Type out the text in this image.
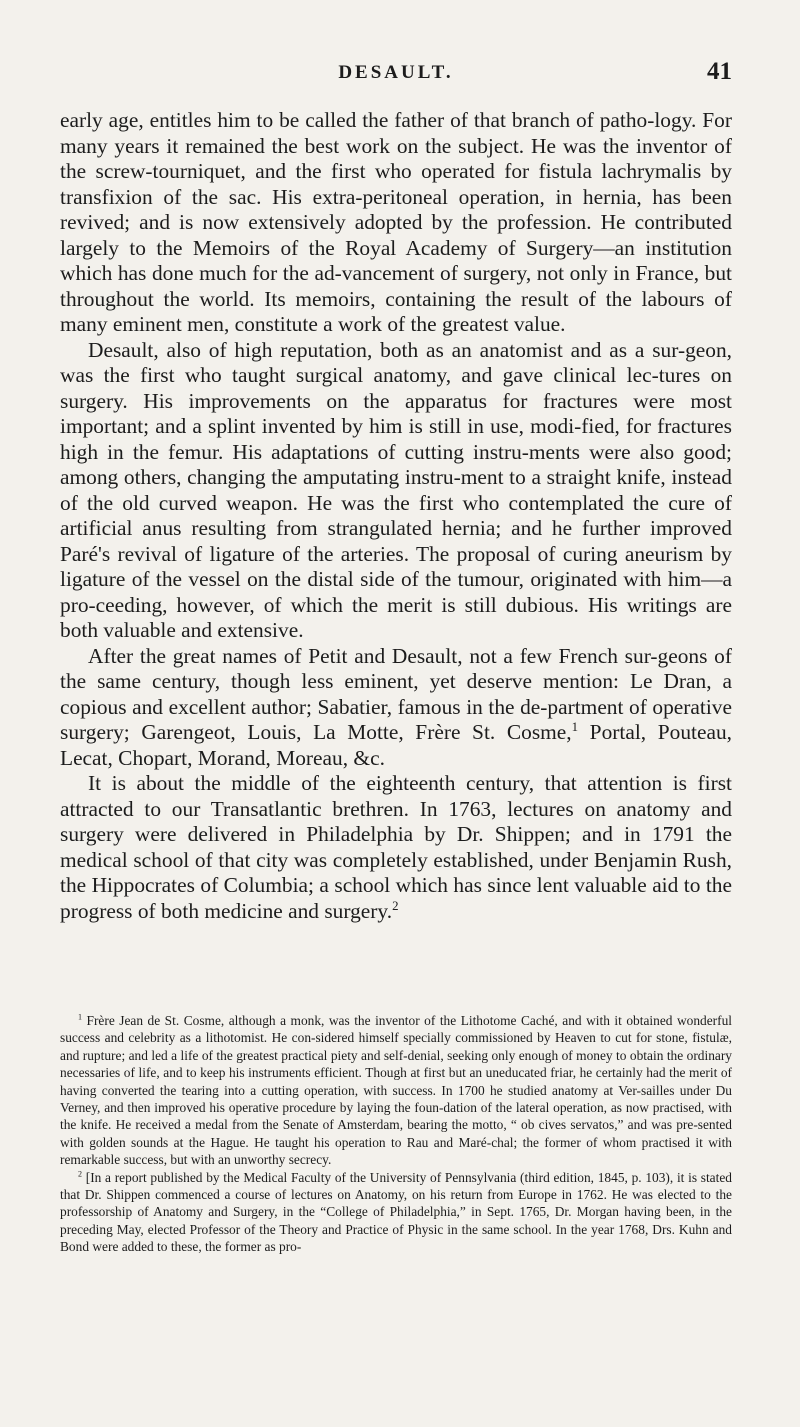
DESAULT.	41

early age, entitles him to be called the father of that branch of patho-logy. For many years it remained the best work on the subject. He was the inventor of the screw-tourniquet, and the first who operated for fistula lachrymalis by transfixion of the sac. His extra-peritoneal operation, in hernia, has been revived; and is now extensively adopted by the profession. He contributed largely to the Memoirs of the Royal Academy of Surgery—an institution which has done much for the ad-vancement of surgery, not only in France, but throughout the world. Its memoirs, containing the result of the labours of many eminent men, constitute a work of the greatest value.

Desault, also of high reputation, both as an anatomist and as a sur-geon, was the first who taught surgical anatomy, and gave clinical lec-tures on surgery. His improvements on the apparatus for fractures were most important; and a splint invented by him is still in use, modi-fied, for fractures high in the femur. His adaptations of cutting instru-ments were also good; among others, changing the amputating instru-ment to a straight knife, instead of the old curved weapon. He was the first who contemplated the cure of artificial anus resulting from strangulated hernia; and he further improved Paré's revival of ligature of the arteries. The proposal of curing aneurism by ligature of the vessel on the distal side of the tumour, originated with him—a pro-ceeding, however, of which the merit is still dubious. His writings are both valuable and extensive.

After the great names of Petit and Desault, not a few French sur-geons of the same century, though less eminent, yet deserve mention: Le Dran, a copious and excellent author; Sabatier, famous in the de-partment of operative surgery; Garengeot, Louis, La Motte, Frère St. Cosme,$^1$ Portal, Pouteau, Lecat, Chopart, Morand, Moreau, &c.

It is about the middle of the eighteenth century, that attention is first attracted to our Transatlantic brethren. In 1763, lectures on anatomy and surgery were delivered in Philadelphia by Dr. Shippen; and in 1791 the medical school of that city was completely established, under Benjamin Rush, the Hippocrates of Columbia; a school which has since lent valuable aid to the progress of both medicine and surgery.$^2$

$^1$ Frère Jean de St. Cosme, although a monk, was the inventor of the Lithotome Caché, and with it obtained wonderful success and celebrity as a lithotomist. He con-sidered himself specially commissioned by Heaven to cut for stone, fistulæ, and rupture; and led a life of the greatest practical piety and self-denial, seeking only enough of money to obtain the ordinary necessaries of life, and to keep his instruments efficient. Though at first but an uneducated friar, he certainly had the merit of having converted the tearing into a cutting operation, with success. In 1700 he studied anatomy at Ver-sailles under Du Verney, and then improved his operative procedure by laying the foun-dation of the lateral operation, as now practised, with the knife. He received a medal from the Senate of Amsterdam, bearing the motto, “ ob cives servatos,” and was pre-sented with golden sounds at the Hague. He taught his operation to Rau and Maré-chal; the former of whom practised it with remarkable success, but with an unworthy secrecy.

$^2$ [In a report published by the Medical Faculty of the University of Pennsylvania (third edition, 1845, p. 103), it is stated that Dr. Shippen commenced a course of lectures on Anatomy, on his return from Europe in 1762. He was elected to the professorship of Anatomy and Surgery, in the “College of Philadelphia,” in Sept. 1765, Dr. Morgan having been, in the preceding May, elected Professor of the Theory and Practice of Physic in the same school. In the year 1768, Drs. Kuhn and Bond were added to these, the former as pro-
